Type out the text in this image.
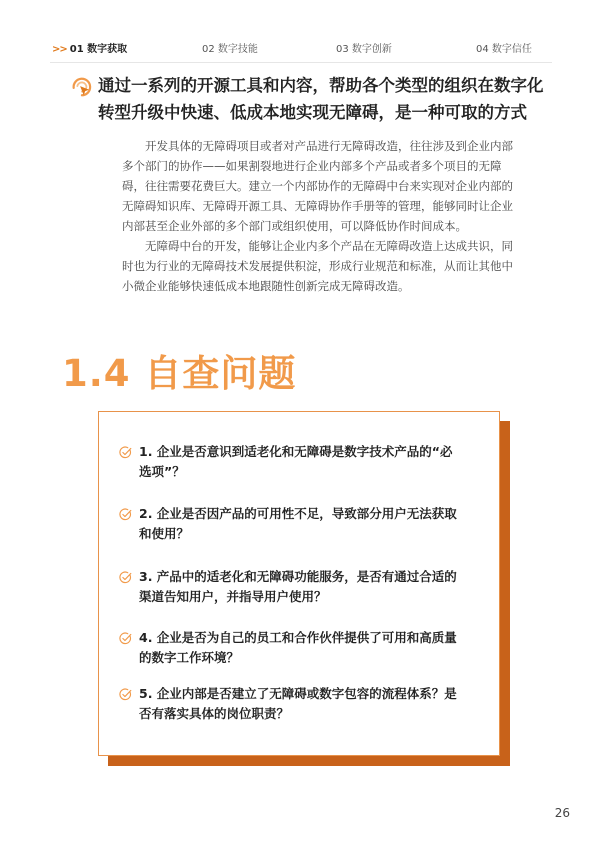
>> 01 数字获取	02 数字技能	03 数字创新	04 数字信任

通过一系列的开源工具和内容，帮助各个类型的组织在数字化
转型升级中快速、低成本地实现无障碍，是一种可取的方式

开发具体的无障碍项目或者对产品进行无障碍改造，往往涉及到企业内部多个部门的协作——如果割裂地进行企业内部多个产品或者多个项目的无障碍，往往需要花费巨大。建立一个内部协作的无障碍中台来实现对企业内部的无障碍知识库、无障碍开源工具、无障碍协作手册等的管理，能够同时让企业内部甚至企业外部的多个部门或组织使用，可以降低协作时间成本。

无障碍中台的开发，能够让企业内多个产品在无障碍改造上达成共识，同时也为行业的无障碍技术发展提供积淀，形成行业规范和标准，从而让其他中小微企业能够快速低成本地跟随性创新完成无障碍改造。

1.4 自查问题

1. 企业是否意识到适老化和无障碍是数字技术产品的“必选项”？

2. 企业是否因产品的可用性不足，导致部分用户无法获取和使用？

3. 产品中的适老化和无障碍功能服务，是否有通过合适的渠道告知用户，并指导用户使用？

4. 企业是否为自己的员工和合作伙伴提供了可用和高质量的数字工作环境？

5. 企业内部是否建立了无障碍或数字包容的流程体系？是否有落实具体的岗位职责？

26
